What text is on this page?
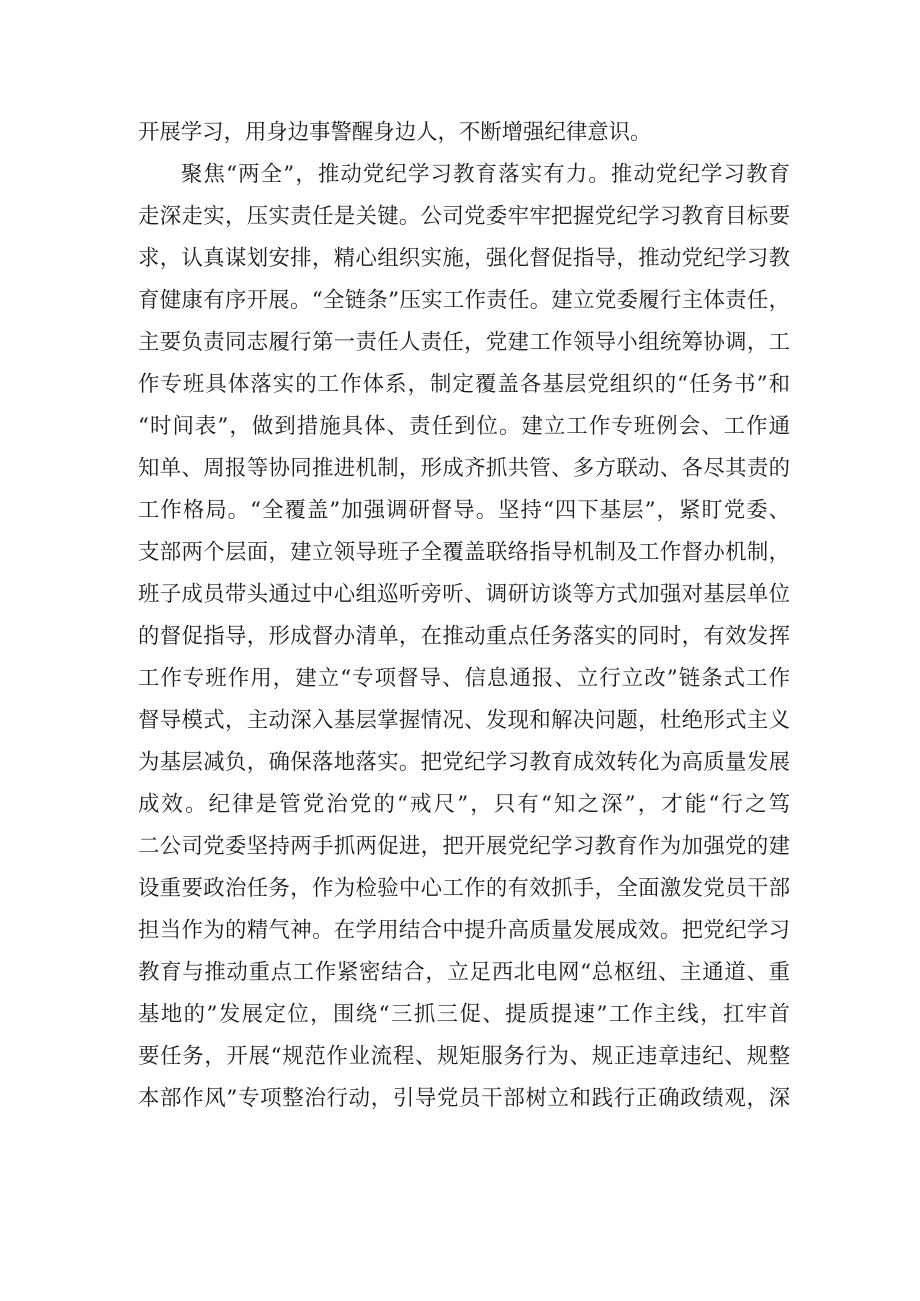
开展学习，用身边事警醒身边人，不断增强纪律意识。
聚焦“两全”，推动党纪学习教育落实有力。推动党纪学习教育
走深走实，压实责任是关键。公司党委牢牢把握党纪学习教育目标要
求，认真谋划安排，精心组织实施，强化督促指导，推动党纪学习教
育健康有序开展。“全链条”压实工作责任。建立党委履行主体责任，
主要负责同志履行第一责任人责任，党建工作领导小组统筹协调，工
作专班具体落实的工作体系，制定覆盖各基层党组织的“任务书”和
“时间表”，做到措施具体、责任到位。建立工作专班例会、工作通
知单、周报等协同推进机制，形成齐抓共管、多方联动、各尽其责的
工作格局。“全覆盖”加强调研督导。坚持“四下基层”，紧盯党委、
支部两个层面，建立领导班子全覆盖联络指导机制及工作督办机制，
班子成员带头通过中心组巡听旁听、调研访谈等方式加强对基层单位
的督促指导，形成督办清单，在推动重点任务落实的同时，有效发挥
工作专班作用，建立“专项督导、信息通报、立行立改”链条式工作
督导模式，主动深入基层掌握情况、发现和解决问题，杜绝形式主义
为基层减负，确保落地落实。把党纪学习教育成效转化为高质量发展
成效。纪律是管党治党的“戒尺”，只有“知之深”，才能“行之笃
二公司党委坚持两手抓两促进，把开展党纪学习教育作为加强党的建
设重要政治任务，作为检验中心工作的有效抓手，全面激发党员干部
担当作为的精气神。在学用结合中提升高质量发展成效。把党纪学习
教育与推动重点工作紧密结合，立足西北电网“总枢纽、主通道、重
基地的”发展定位，围绕“三抓三促、提质提速”工作主线，扛牢首
要任务，开展“规范作业流程、规矩服务行为、规正违章违纪、规整
本部作风”专项整治行动，引导党员干部树立和践行正确政绩观，深
